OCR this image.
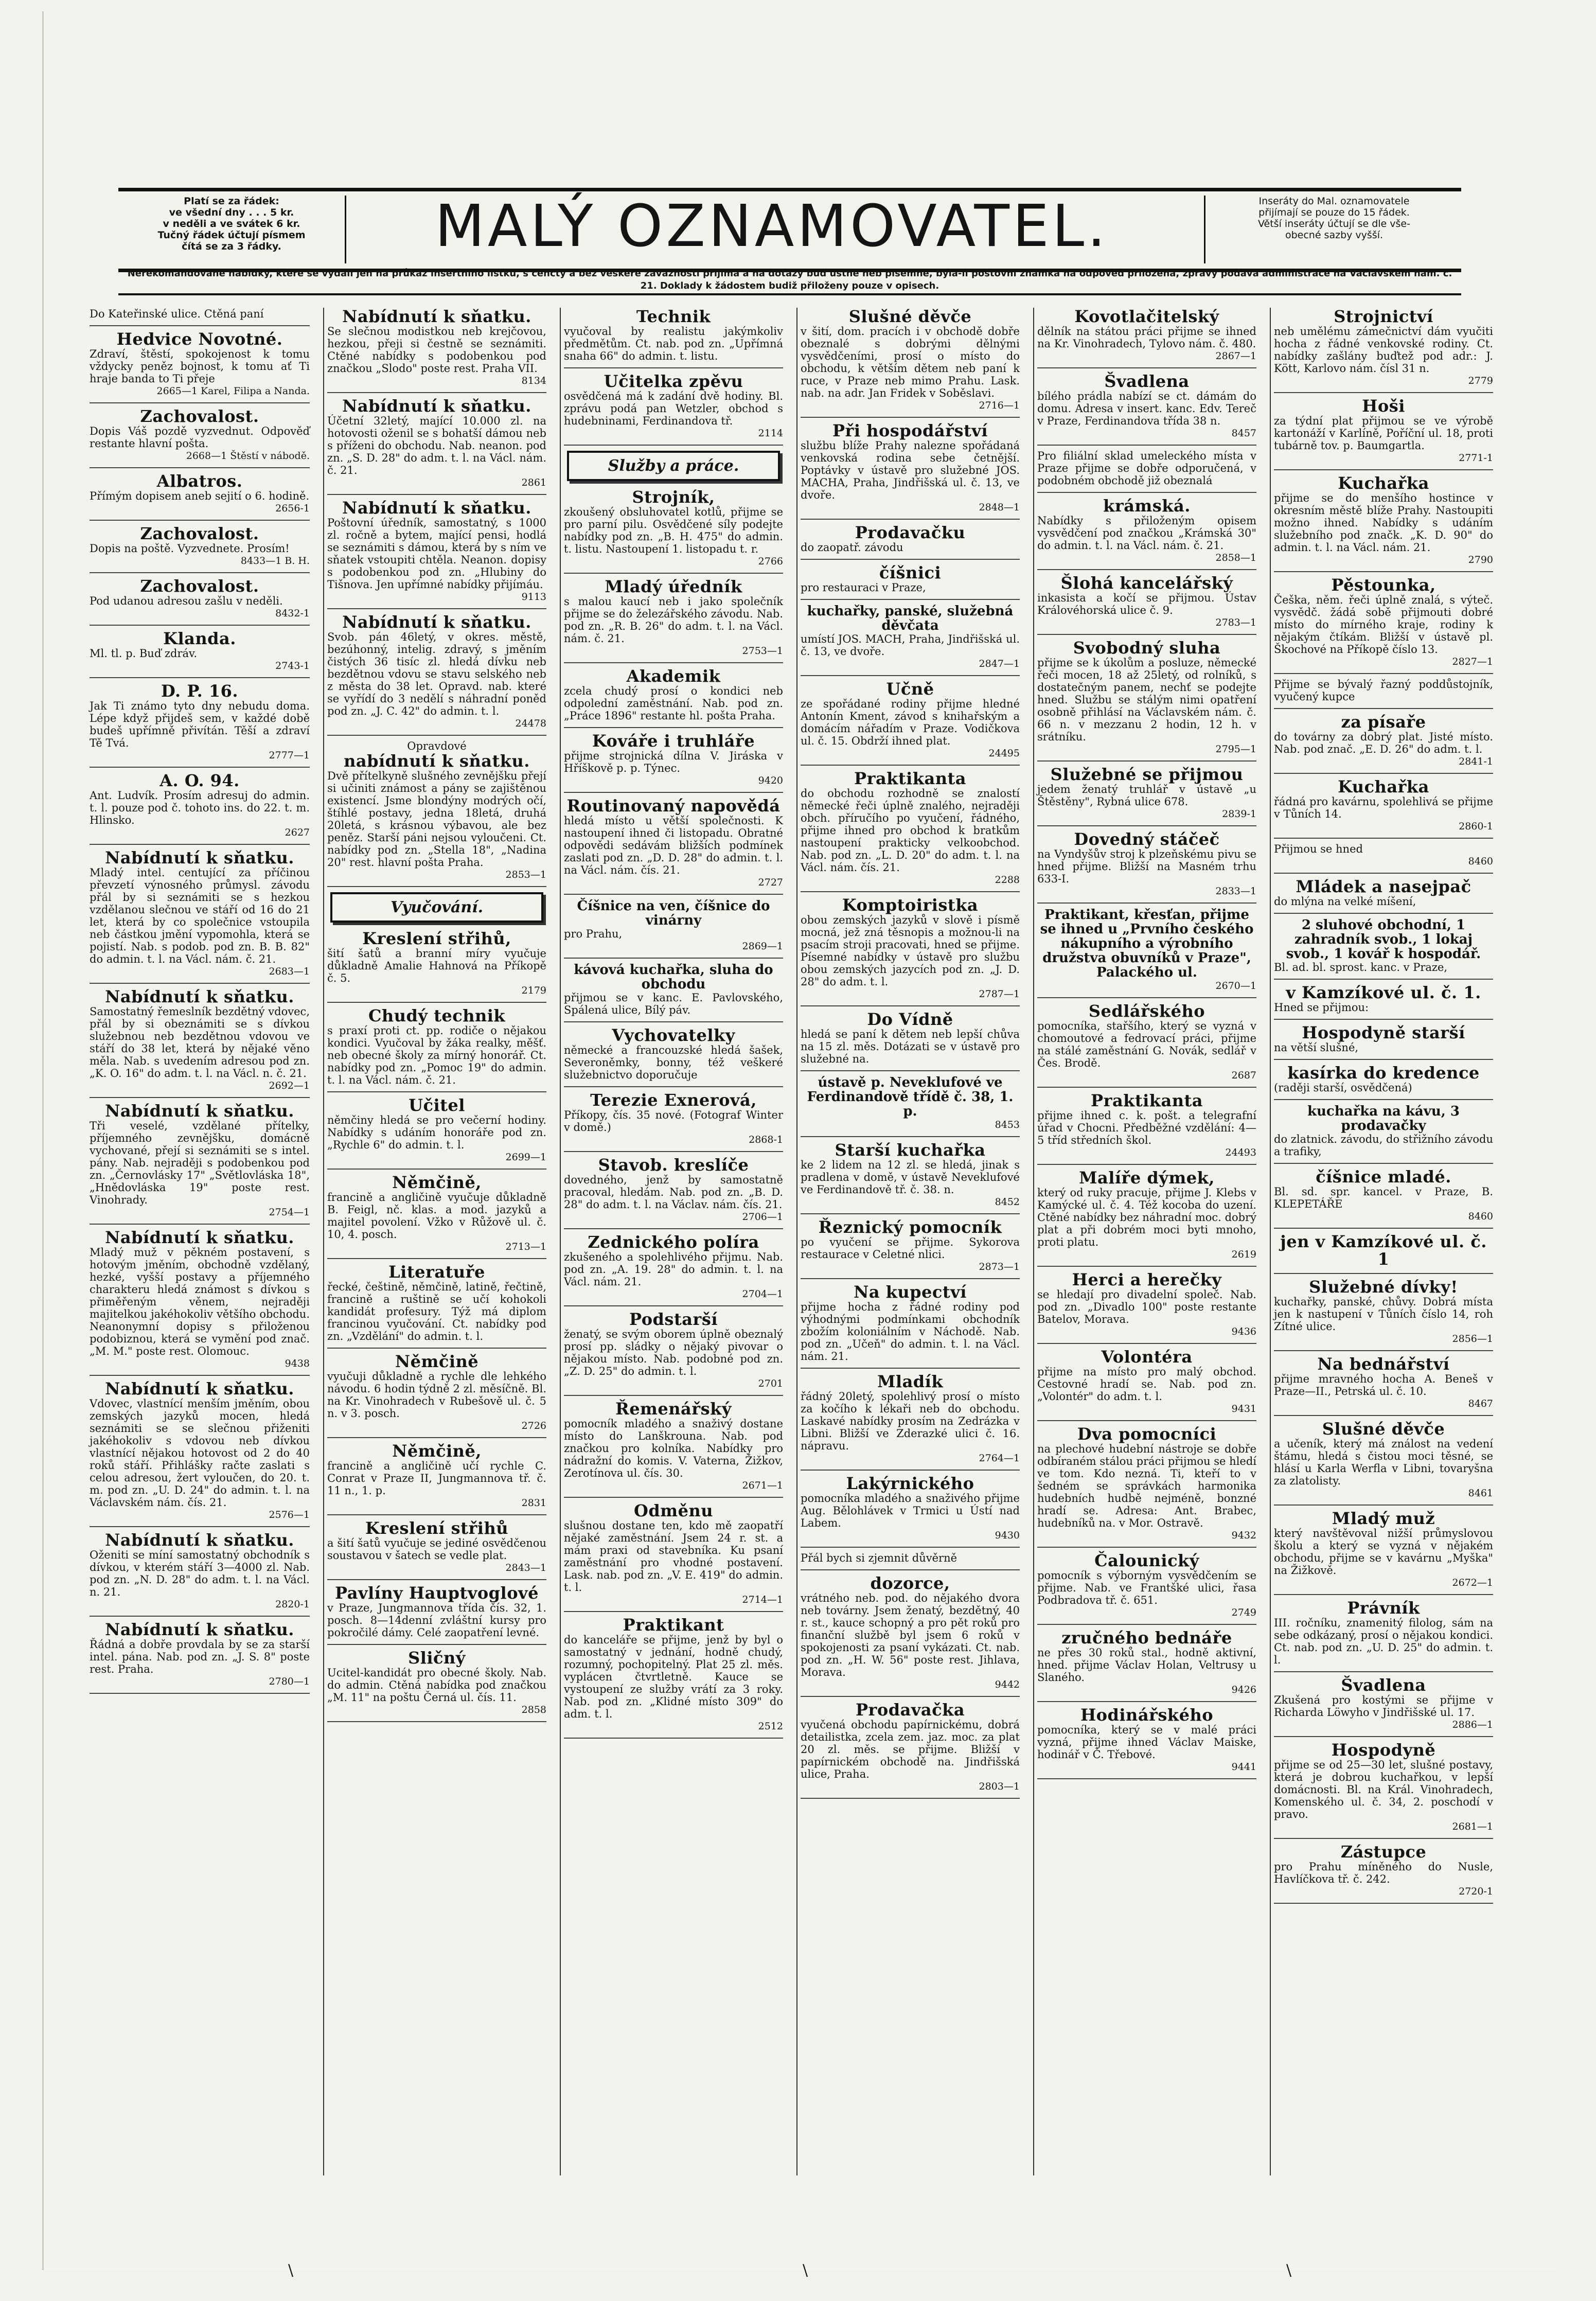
Platí se za řádek:
ve všední dny . . . 5 kr.
v neděli a ve svátek 6 kr.
Tučný řádek účtují písmem
čítá se za 3 řádky.	MALÝ OZNAMOVATEL.	Inseráty do Mal. oznamovatele
přijímají se pouze do 15 řádek.
Větší inseráty účtují se dle vše-
obecné sazby vyšší.
Nerekomandované nabídky, které se vydalí jen na průkaz insertního lístku, s ceñcty a bez veškeré závaznosti přijímá a na dotazy buď ústně neb písemně, byla-li poštovní známka na odpověď přiložena, zprávy podává administrace na Václavském nám. č. 21. Doklady k žádostem budiž přiloženy pouze v opisech.
Do Kateřinské ulice. Ctěná paní
Hedvice Novotné.
Zdraví, štěstí, spokojenost k tomu vždycky peněz bojnost, k tomu ať Ti hraje banda to Ti přeje
2665—1 Karel, Filipa a Nanda.
Zachovalost.
Dopis Váš pozdě vyzvednut. Odpověď restante hlavní pošta.
2668—1 Štěstí v nábodě.
Albatros.
Přímým dopisem aneb sejití o 6. hodině.
2656-1
Zachovalost.
Dopis na poště. Vyzvednete. Prosím!
8433—1 B. H.
Zachovalost.
Pod udanou adresou zašlu v neděli.
8432-1
Klanda.
Ml. tl. p. Buď zdráv.
2743-1
D. P. 16.
Jak Ti známo tyto dny nebudu doma. Lépe když přijdeš sem, v každé době budeš upřímně přivítán. Těší a zdraví Tě Tvá.
2777—1
A. O. 94.
Ant. Ludvík. Prosím adresuj do admin. t. l. pouze pod č. tohoto ins. do 22. t. m. Hlinsko.
2627
Nabídnutí k sňatku.
Mladý intel. centující za příčinou převzetí výnosného průmysl. závodu přál by si seznámiti se s hezkou vzdělanou slečnou ve stáří od 16 do 21 let, která by co společnice vstoupila neb částkou jmění vypomohla, která se pojistí. Nab. s podob. pod zn. B. B. 82" do admin. t. l. na Václ. nám. č. 21.
2683—1
Nabídnutí k sňatku.
Samostatný řemeslník bezdětný vdovec, přál by si obeznámiti se s dívkou služebnou neb bezdětnou vdovou ve stáří do 38 let, která by nějaké věno měla. Nab. s uvedením adresou pod zn. „K. O. 16" do adm. t. l. na Václ. n. č. 21.
2692—1
Nabídnutí k sňatku.
Tři veselé, vzdělané přítelky, příjemného zevnějšku, domácně vychované, přejí si seznámiti se s intel. pány. Nab. nejraději s podobenkou pod zn. „Černovlásky 17" „Světlovláska 18", „Hnědovláska 19" poste rest. Vinohrady.
2754—1
Nabídnutí k sňatku.
Mladý muž v pěkném postavení, s hotovým jměním, obchodně vzdělaný, hezké, vyšší postavy a příjemného charakteru hledá známost s dívkou s přiměřeným věnem, nejraději majitelkou jakéhokoliv většího obchodu. Neanonymní dopisy s přiloženou podobiznou, která se vymění pod znač. „M. M." poste rest. Olomouc.
9438
Nabídnutí k sňatku.
Vdovec, vlastnící menším jměním, obou zemských jazyků mocen, hledá seznámiti se se slečnou přiženiti jakéhokoliv s vdovou neb dívkou vlastnící nějakou hotovost od 2 do 40 roků stáří. Přihlášky račte zaslati s celou adresou, žert vyloučen, do 20. t. m. pod zn. „U. D. 24" do admin. t. l. na Václavském nám. čís. 21.
2576—1
Nabídnutí k sňatku.
Oženiti se míní samostatný obchodník s dívkou, v kterém stáří 3—4000 zl. Nab. pod zn. „N. D. 28" do adm. t. l. na Václ. n. 21.
2820-1
Nabídnutí k sňatku.
Řádná a dobře provdala by se za starší intel. pána. Nab. pod zn. „J. S. 8" poste rest. Praha.
2780—1
Nabídnutí k sňatku.
Se slečnou modistkou neb krejčovou, hezkou, přeji si čestně se seznámiti. Ctěné nabídky s podobenkou pod značkou „Slodo" poste rest. Praha VII.
8134
Nabídnutí k sňatku.
Účetní 32letý, mající 10.000 zl. na hotovosti oženil se s bohatší dámou neb s příženi do obchodu. Nab. neanon. pod zn. „S. D. 28" do adm. t. l. na Václ. nám. č. 21.
2861
Nabídnutí k sňatku.
Poštovní úředník, samostatný, s 1000 zl. ročně a bytem, mající pensi, hodlá se seznámiti s dámou, která by s ním ve sňatek vstoupiti chtěla. Neanon. dopisy s podobenkou pod zn. „Hlubiny do Tišnova. Jen upřímné nabídky přijímáu.
9113
Nabídnutí k sňatku.
Svob. pán 46letý, v okres. městě, bezúhonný, intelig. zdravý, s jměním čistých 36 tisíc zl. hledá dívku neb bezdětnou vdovu se stavu selského neb z města do 38 let. Opravd. nab. které se vyřídí do 3 nedělí s náhradní poněd pod zn. „J. C. 42" do admin. t. l.
24478
Opravdové
nabídnutí k sňatku.
Dvě přítelkyně slušného zevnějšku přejí si učiniti známost a pány se zajištěnou existencí. Jsme blondýny modrých očí, štíhlé postavy, jedna 18letá, druhá 20letá, s krásnou výbavou, ale bez peněz. Starší páni nejsou vyloučeni. Ct. nabídky pod zn. „Stella 18", „Nadina 20" rest. hlavní pošta Praha.
2853—1
Vyučování.
Kreslení střihů,
šití šatů a branní míry vyučuje důkladně Amalie Hahnová na Příkopě č. 5.
2179
Chudý technik
s praxí proti ct. pp. rodiče o nějakou kondici. Vyučoval by žáka realky, měšť. neb obecné školy za mírný honorář. Ct. nabídky pod zn. „Pomoc 19" do admin. t. l. na Václ. nám. č. 21.
Učitel
němčiny hledá se pro večerní hodiny. Nabídky s udáním honoráře pod zn. „Rychle 6" do admin. t. l.
2699—1
Němčině,
francině a angličině vyučuje důkladně B. Feigl, nč. klas. a mod. jazyků a majitel povolení. Vžko v Růžově ul. č. 10, 4. posch.
2713—1
Literatuře
řecké, češtině, němčině, latině, řečtině, francině a ruštině se učí kohokoli kandidát profesury. Týž má diplom francinou vyučování. Ct. nabídky pod zn. „Vzdělání" do admin. t. l.
Němčině
vyučuji důkladně a rychle dle lehkého návodu. 6 hodin týdně 2 zl. měsíčně. Bl. na Kr. Vinohradech v Rubešově ul. č. 5 n. v 3. posch.
2726
Němčině,
francině a angličině učí rychle C. Conrat v Praze II, Jungmannova tř. č. 11 n., 1. p.
2831
Kreslení střihů
a šití šatů vyučuje se jediné osvědčenou soustavou v šatech se vedle plat.
2843—1
Pavlíny Hauptvoglové
v Praze, Jungmannova třída čís. 32, 1. posch. 8—14denní zvláštní kursy pro pokročilé dámy. Celé zaopatření levné.
Sličný
Ucitel-kandidát pro obecné školy. Nab. do admin. Ctěná nabídka pod značkou „M. 11" na poštu Černá ul. čís. 11.
2858
Technik
vyučoval by realistu jakýmkoliv předmětům. Ct. nab. pod zn. „Upřímná snaha 66" do admin. t. listu.
Učitelka zpěvu
osvědčená má k zadání dvě hodiny. Bl. zprávu podá pan Wetzler, obchod s hudebninami, Ferdinandova tř.
2114
Služby a práce.
Strojník,
zkoušený obsluhovatel kotlů, přijme se pro parní pilu. Osvědčené síly podejte nabídky pod zn. „B. H. 475" do admin. t. listu. Nastoupení 1. listopadu t. r.
2766
Mladý úředník
s malou kaucí neb i jako společník přijme se do železářského závodu. Nab. pod zn. „R. B. 26" do adm. t. l. na Václ. nám. č. 21.
2753—1
Akademik
zcela chudý prosí o kondici neb odpolední zaměstnání. Nab. pod zn. „Práce 1896" restante hl. pošta Praha.
Kováře i truhláře
přijme strojnická dílna V. Jiráska v Hříškově p. p. Týnec.
9420
Routinovaný napovědá
hledá místo u větší společnosti. K nastoupení ihned či listopadu. Obratné odpovědi sedávám bližších podmínek zaslati pod zn. „D. D. 28" do admin. t. l. na Václ. nám. čís. 21.
2727
Číšnice na ven, číšnice do vinárny
pro Prahu,
2869—1
kávová kuchařka, sluha do obchodu
přijmou se v kanc. E. Pavlovského, Spálená ulice, Bílý páv.
Vychovatelky
německé a francouzské hledá šašek, Severoněmky, bonny, též veškeré služebnictvo doporučuje
Terezie Exnerová,
Příkopy, čís. 35 nové. (Fotograf Winter v domě.)
2868-1
Stavob. kreslíče
dovedného, jenž by samostatně pracoval, hledám. Nab. pod zn. „B. D. 28" do adm. t. l. na Václav. nám. čís. 21.
2706—1
Zednického políra
zkušeného a spolehlivého přijmu. Nab. pod zn. „A. 19. 28" do admin. t. l. na Václ. nám. 21.
2704—1
Podstarší
ženatý, se svým oborem úplně obeznalý prosí pp. sládky o nějaký pivovar o nějakou místo. Nab. podobné pod zn. „Z. D. 25" do admin. t. l.
2701
Řemenářský
pomocník mladého a snaživý dostane místo do Lanškrouna. Nab. pod značkou pro kolníka. Nabídky pro nádražní do komis. V. Vaterna, Žižkov, Zerotínova ul. čís. 30.
2671—1
Odměnu
slušnou dostane ten, kdo mě zaopatří nějaké zaměstnání. Jsem 24 r. st. a mám praxi od stavebníka. Ku psaní zaměstnání pro vhodné postavení. Lask. nab. pod zn. „V. E. 419" do admin. t. l.
2714—1
Praktikant
do kanceláře se přijme, jenž by byl o samostatný v jednání, hodně chudý, rozumný, pochopitelný. Plat 25 zl. měs. vyplácen čtvrtletně. Kauce se vystoupení ze služby vrátí za 3 roky. Nab. pod zn. „Klidné místo 309" do adm. t. l.
2512
Slušné děvče
v šití, dom. pracích i v obchodě dobře obeznalé s dobrými dělnými vysvědčeními, prosí o místo do obchodu, k větším dětem neb paní k ruce, v Praze neb mimo Prahu. Lask. nab. na adr. Jan Fridek v Soběslavi.
2716—1
Při hospodářství
službu blíže Prahy nalezne spořádaná venkovská rodina sebe četnější. Poptávky v ústavě pro služebné JOS. MACHA, Praha, Jindřišská ul. č. 13, ve dvoře.
2848—1
Prodavačku
do zaopatř. závodu
číšnici
pro restauraci v Praze,
kuchařky, panské, služebná děvčata
umístí JOS. MACH, Praha, Jindřišská ul. č. 13, ve dvoře.
2847—1
Učně
ze spořádané rodiny přijme hledné Antonín Kment, závod s knihařským a domácím nářadím v Praze. Vodičkova ul. č. 15. Obdrží ihned plat.
24495
Praktikanta
do obchodu rozhodně se znalostí německé řeči úplně znalého, nejraději obch. příručího po vyučení, řádného, přijme ihned pro obchod k bratkům nastoupení prakticky velkoobchod. Nab. pod zn. „L. D. 20" do adm. t. l. na Václ. nám. čís. 21.
2288
Komptoiristka
obou zemských jazyků v slově i písmě mocná, jež zná těsnopis a možnou-li na psacím stroji pracovati, hned se přijme. Písemné nabídky v ústavě pro službu obou zemských jazycích pod zn. „J. D. 28" do adm. t. l.
2787—1
Do Vídně
hledá se paní k dětem neb lepší chůva na 15 zl. měs. Dotázati se v ústavě pro služebné na.
ústavě p. Neveklufové ve Ferdinandově třídě č. 38, 1. p.
8453
Starší kuchařka
ke 2 lidem na 12 zl. se hledá, jinak s pradlena v domě, v ústavě Neveklufové ve Ferdinandově tř. č. 38. n.
8452
Řeznický pomocník
po vyučení se přijme. Sykorova restaurace v Celetné nlici.
2873—1
Na kupectví
přijme hocha z řádné rodiny pod výhodnými podmínkami obchodník zbožím koloniálním v Náchodě. Nab. pod zn. „Učeň" do admin. t. l. na Václ. nám. 21.
Mladík
řádný 20letý, spolehlivý prosí o místo za kočího k lékaři neb do obchodu. Laskavé nabídky prosím na Zedrázka v Libni. Bližší ve Zderazké ulici č. 16. nápravu.
2764—1
Lakýrnického
pomocníka mladého a snaživého přijme Aug. Bělohlávek v Trmici u Ústí nad Labem.
9430
Přál bych si zjemnit důvěrně
dozorce,
vrátného neb. pod. do nějakého dvora neb továrny. Jsem ženatý, bezdětný, 40 r. st., kauce schopný a pro pět roků pro finanční službě byl jsem 6 roků v spokojenosti za psaní vykázati. Ct. nab. pod zn. „H. W. 56" poste rest. Jihlava, Morava.
9442
Prodavačka
vyučená obchodu papírnickému, dobrá detailistka, zcela zem. jaz. moc. za plat 20 zl. měs. se přijme. Bližší v papírnickém obchodě na. Jindřišská ulice, Praha.
2803—1
Kovotlačitelský
dělník na státou práci přijme se ihned na Kr. Vinohradech, Tylovo nám. č. 480.
2867—1
Švadlena
bílého prádla nabízí se ct. dámám do domu. Adresa v insert. kanc. Edv. Tereč v Praze, Ferdinandova třída 38 n.
8457
Pro filiální sklad umeleckého místa v Praze přijme se dobře odporučená, v podobném obchodě již obeznalá
krámská.
Nabídky s přiloženým opisem vysvědčení pod značkou „Krámská 30" do admin. t. l. na Václ. nám. č. 21.
2858—1
Šlohá kancelářský
inkasista a kočí se přijmou. Ústav Královéhorská ulice č. 9.
2783—1
Svobodný sluha
přijme se k úkolům a posluze, německé řeči mocen, 18 až 25letý, od rolníků, s dostatečným panem, nechť se podejte hned. Službu se stálým nimi opatření osobně přihlásí na Václavském nám. č. 66 n. v mezzanu 2 hodin, 12 h. v srátníku.
2795—1
Služebné se přijmou
jedem ženatý truhlář v ústavě „u Štěstěny", Rybná ulice 678.
2839-1
Dovedný stáčeč
na Vyndyšův stroj k plzeňskému pivu se hned přijme. Bližší na Masném trhu 633-I.
2833—1
Praktikant, křesťan, přijme se ihned u „Prvního českého nákupního a výrobního družstva obuvníků v Praze", Palackého ul.
2670—1
Sedlářského
pomocníka, stařšího, který se vyzná v chomoutové a fedrovací práci, přijme na stálé zaměstnání G. Novák, sedlář v Čes. Brodě.
2687
Praktikanta
přijme ihned c. k. pošt. a telegrafní úřad v Chocni. Předběžné vzdělání: 4—5 tříd středních škol.
24493
Malíře dýmek,
který od ruky pracuje, přijme J. Klebs v Kamýcké ul. č. 4. Též kocoba do uzení. Ctěné nabídky bez náhradní moc. dobrý plat a při dobrém moci byti mnoho, proti platu.
2619
Herci a herečky
se hledají pro divadelní společ. Nab. pod zn. „Divadlo 100" poste restante Batelov, Morava.
9436
Volontéra
přijme na místo pro malý obchod. Cestovné hradí se. Nab. pod zn. „Volontér" do adm. t. l.
9431
Dva pomocníci
na plechové hudební nástroje se dobře odbíraném stálou práci přijmou se hledí ve tom. Kdo nezná. Ti, kteří to v šedném se správkách harmonika hudebních hudbě nejméně, bonzné hradí se. Adresa: Ant. Brabec, hudebníků na. v Mor. Ostravě.
9432
Čalounický
pomocník s výborným vysvědčením se přijme. Nab. ve Frantšké ulici, řasa Podbradova tř. č. 651.
2749
zručného bednáře
ne přes 30 roků stal., hodně aktivní, hned. přijme Václav Holan, Veltrusy u Slaného.
9426
Hodinářského
pomocníka, který se v malé práci vyzná, přijme ihned Václav Maiske, hodinář v Č. Třebové.
9441
Strojnictví
neb umělému zámečnictví dám vyučiti hocha z řádné venkovské rodiny. Ct. nabídky zašlány buďtež pod adr.: J. Kött, Karlovo nám. čísl 31 n.
2779
Hoši
za týdní plat přijmou se ve výrobě kartonáží v Karlíně, Poříční ul. 18, proti tubárně tov. p. Baumgartla.
2771-1
Kuchařka
přijme se do menšího hostince v okresním městě blíže Prahy. Nastoupiti možno ihned. Nabídky s udáním služebního pod značk. „K. D. 90" do admin. t. l. na Václ. nám. 21.
2790
Pěstounka,
Češka, něm. řeči úplně znalá, s výteč. vysvědč. žádá sobě přijmouti dobré místo do mírného kraje, rodiny k nějakým čtíkám. Bližší v ústavě pl. Škochové na Příkopě číslo 13.
2827—1
Přijme se bývalý řazný poddůstojník, vyučený kupce
za písaře
do továrny za dobrý plat. Jisté místo. Nab. pod znač. „E. D. 26" do adm. t. l.
2841-1
Kuchařka
řádná pro kavárnu, spolehlivá se přijme v Tůních 14.
2860-1
Přijmou se hned
8460
Mládek a nasejpač
do mlýna na velké míšení,
2 sluhové obchodní, 1 zahradník svob., 1 lokaj svob., 1 kovář k hospodář.
Bl. ad. bl. sprost. kanc. v Praze,
v Kamzíkové ul. č. 1.
Hned se přijmou:
Hospodyně starší
na větší slušné,
kasírka do kredence
(raději starší, osvědčená)
kuchařka na kávu, 3 prodavačky
do zlatnick. závodu, do střižního závodu a trafiky,
číšnice mladé.
Bl. sd. spr. kancel. v Praze, B. KLEPETÁŘE
8460
jen v Kamzíkové ul. č. 1
Služebné dívky!
kuchařky, panské, chůvy. Dobrá místa jen k nastupení v Tůních číslo 14, roh Zítné ulice.
2856—1
Na bednářství
přijme mravného hocha A. Beneš v Praze—II., Petrská ul. č. 10.
8467
Slušné děvče
a učeník, který má ználost na vedení štámu, hledá s čistou moci těsné, se hlásí u Karla Werfla v Libni, tovaryšna za zlatolisty.
8461
Mladý muž
který navštěvoval nižší průmyslovou školu a který se vyzná v nějakém obchodu, přijme se v kavárnu „Myška" na Žižkově.
2672—1
Právník
III. ročníku, znamenitý filolog, sám na sebe odkázaný, prosí o nějakou kondici. Ct. nab. pod zn. „U. D. 25" do admin. t. l.
Švadlena
Zkušená pro kostými se přijme v Richarda Löwyho v Jindřišské ul. 17.
2886—1
Hospodyně
přijme se od 25—30 let, slušné postavy, která je dobrou kuchařkou, v lepší domácnosti. Bl. na Král. Vinohradech, Komenského ul. č. 34, 2. poschodí v pravo.
2681—1
Zástupce
pro Prahu míněného do Nusle, Havlíčkova tř. č. 242.
2720-1
\	\	\
